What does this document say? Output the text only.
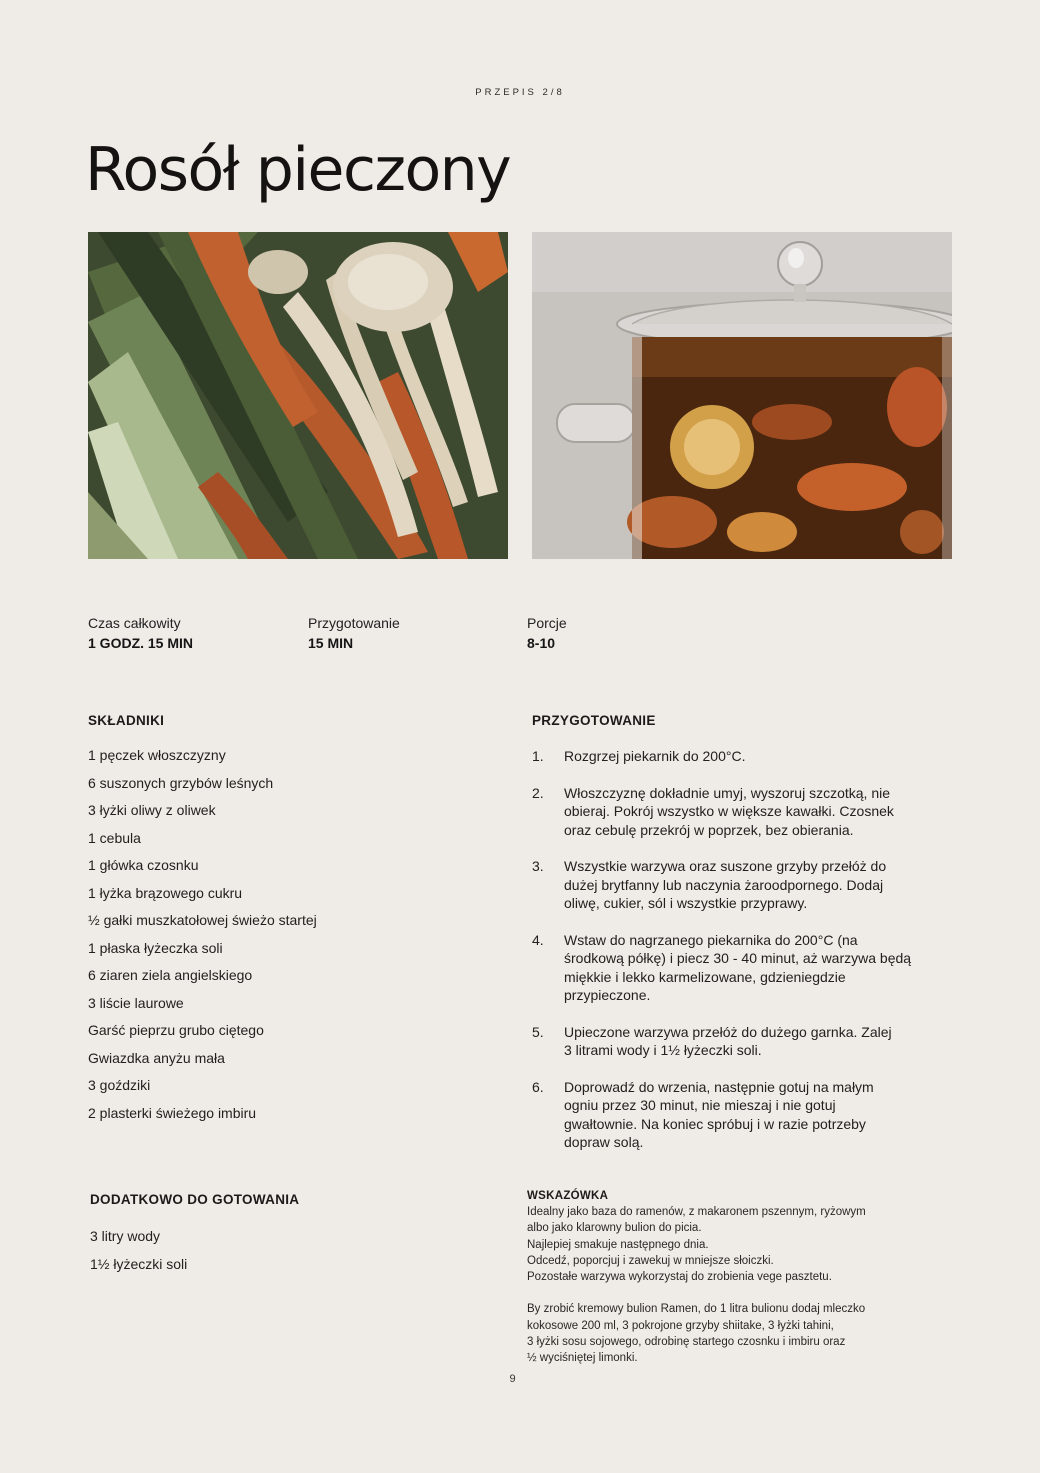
PRZEPIS 2/8
Rosół pieczony
Czas całkowity
1 GODZ. 15 MIN
Przygotowanie
15 MIN
Porcje
8-10
SKŁADNIKI
1 pęczek włoszczyzny
6 suszonych grzybów leśnych
3 łyżki oliwy z oliwek
1 cebula
1 główka czosnku
1 łyżka brązowego cukru
½ gałki muszkatołowej świeżo startej
1 płaska łyżeczka soli
6 ziaren ziela angielskiego
3 liście laurowe
Garść pieprzu grubo ciętego
Gwiazdka anyżu mała
3 goździki
2 plasterki świeżego imbiru
DODATKOWO DO GOTOWANIA
3 litry wody
1½ łyżeczki soli
PRZYGOTOWANIE
1. Rozgrzej piekarnik do 200°C.
2. Włoszczyznę dokładnie umyj, wyszoruj szczotką, nie
obieraj. Pokrój wszystko w większe kawałki. Czosnek
oraz cebulę przekrój w poprzek, bez obierania.
3. Wszystkie warzywa oraz suszone grzyby przełóż do
dużej brytfanny lub naczynia żaroodpornego. Dodaj
oliwę, cukier, sól i wszystkie przyprawy.
4. Wstaw do nagrzanego piekarnika do 200°C (na
środkową półkę) i piecz 30 - 40 minut, aż warzywa będą
miękkie i lekko karmelizowane, gdzieniegdzie
przypieczone.
5. Upieczone warzywa przełóż do dużego garnka. Zalej
3 litrami wody i 1½ łyżeczki soli.
6. Doprowadź do wrzenia, następnie gotuj na małym
ogniu przez 30 minut, nie mieszaj i nie gotuj
gwałtownie. Na koniec spróbuj i w razie potrzeby
dopraw solą.
WSKAZÓWKA

Idealny jako baza do ramenów, z makaronem pszennym, ryżowym

albo jako klarowny bulion do picia.

Najlepiej smakuje następnego dnia.

Odcedź, poporcjuj i zawekuj w mniejsze słoiczki.

Pozostałe warzywa wykorzystaj do zrobienia vege pasztetu.

By zrobić kremowy bulion Ramen, do 1 litra bulionu dodaj mleczko

kokosowe 200 ml, 3 pokrojone grzyby shiitake, 3 łyżki tahini,

3 łyżki sosu sojowego, odrobinę startego czosnku i imbiru oraz

½ wyciśniętej limonki.

9
